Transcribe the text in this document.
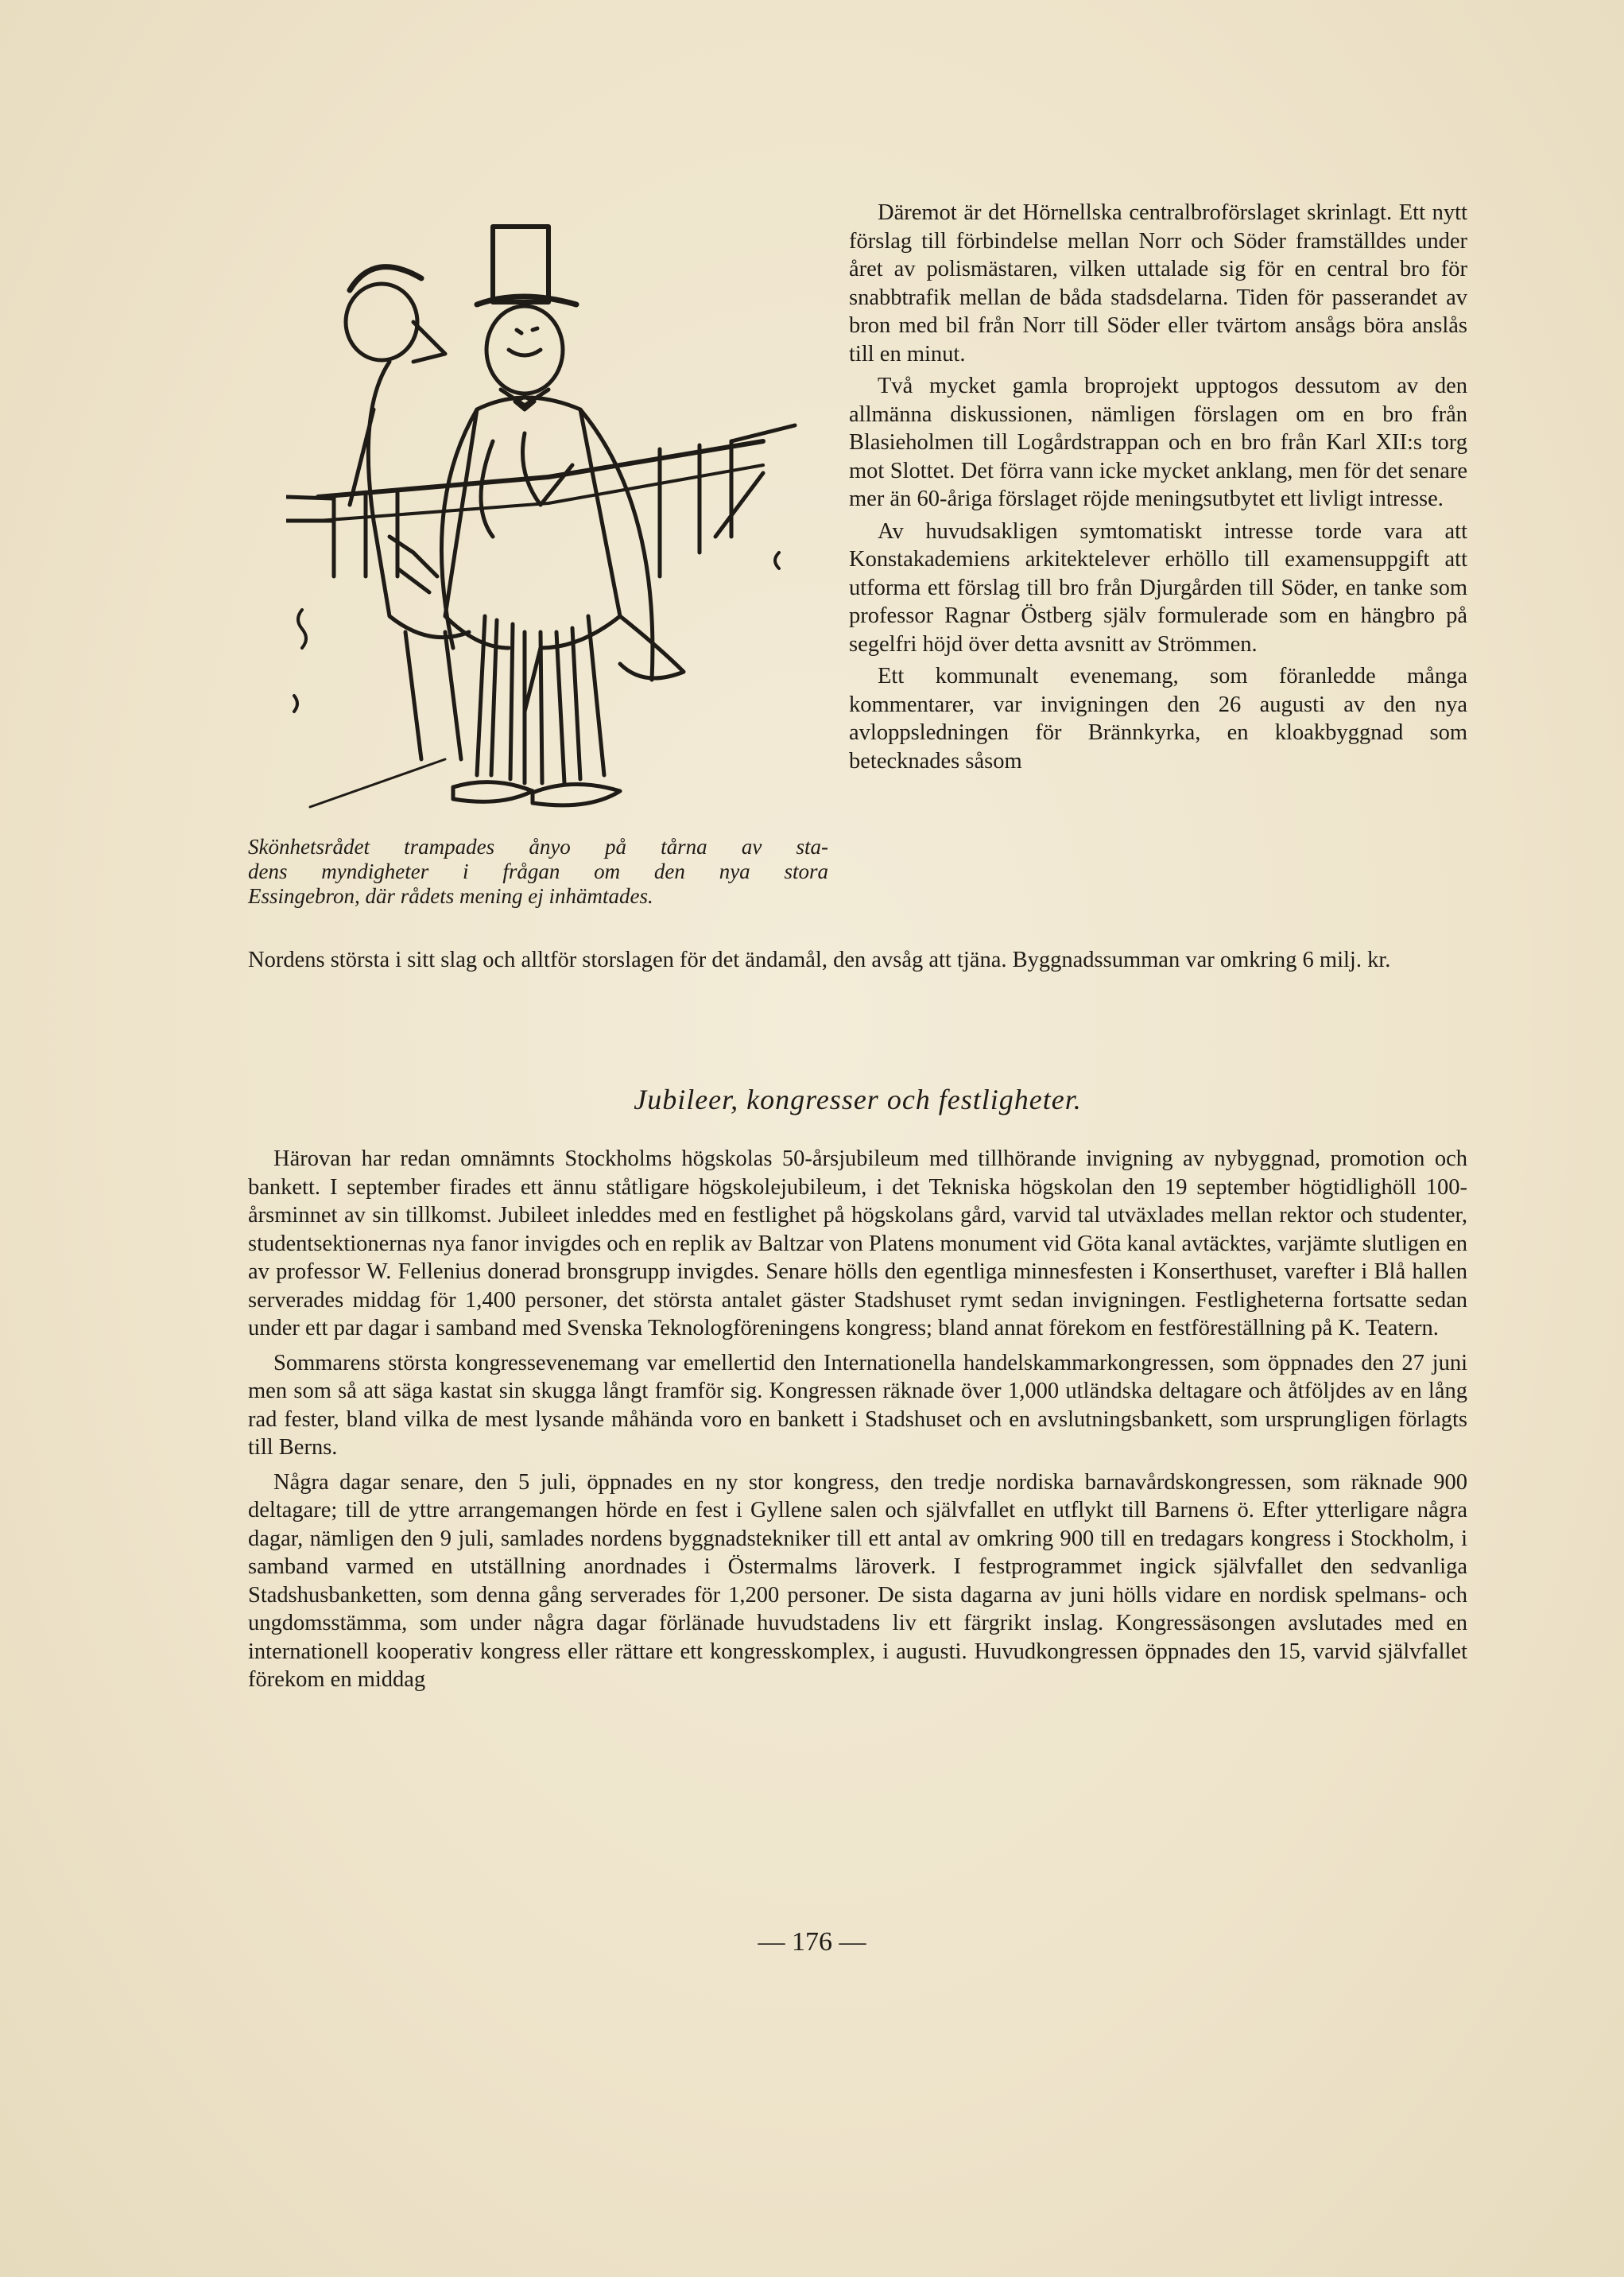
Skönhetsrådet trampades ånyo på tårna av sta-
dens myndigheter i frågan om den nya stora
Essingebron, där rådets mening ej inhämtades.

Däremot är det Hörnellska centralbroförslaget skrinlagt. Ett nytt förslag till förbindelse mellan Norr och Söder framställdes under året av polismästaren, vilken uttalade sig för en central bro för snabbtrafik mellan de båda stadsdelarna. Tiden för passerandet av bron med bil från Norr till Söder eller tvärtom ansågs böra anslås till en minut.

Två mycket gamla broprojekt upptogos dessutom av den allmänna diskussionen, nämligen förslagen om en bro från Blasieholmen till Logårdstrappan och en bro från Karl XII:s torg mot Slottet. Det förra vann icke mycket anklang, men för det senare mer än 60-åriga förslaget röjde meningsutbytet ett livligt intresse.

Av huvudsakligen symtomatiskt intresse torde vara att Konstakademiens arkitektelever erhöllo till examensuppgift att utforma ett förslag till bro från Djurgården till Söder, en tanke som professor Ragnar Östberg själv formulerade som en hängbro på segelfri höjd över detta avsnitt av Strömmen.

Ett kommunalt evenemang, som föranledde många kommentarer, var invigningen den 26 augusti av den nya avloppsledningen för Brännkyrka, en kloakbyggnad som betecknades såsom

Nordens största i sitt slag och alltför storslagen för det ändamål, den avsåg att tjäna. Byggnadssumman var omkring 6 milj. kr.

Jubileer, kongresser och festligheter.

Härovan har redan omnämnts Stockholms högskolas 50-årsjubileum med tillhörande invigning av nybyggnad, promotion och bankett. I september firades ett ännu ståtligare högskolejubileum, i det Tekniska högskolan den 19 september högtidlighöll 100-årsminnet av sin tillkomst. Jubileet inleddes med en festlighet på högskolans gård, varvid tal utväxlades mellan rektor och studenter, studentsektionernas nya fanor invigdes och en replik av Baltzar von Platens monument vid Göta kanal avtäcktes, varjämte slutligen en av professor W. Fellenius donerad bronsgrupp invigdes. Senare hölls den egentliga minnesfesten i Konserthuset, varefter i Blå hallen serverades middag för 1,400 personer, det största antalet gäster Stadshuset rymt sedan invigningen. Festligheterna fortsatte sedan under ett par dagar i samband med Svenska Teknologföreningens kongress; bland annat förekom en festföreställning på K. Teatern.

Sommarens största kongressevenemang var emellertid den Internationella handelskammarkongressen, som öppnades den 27 juni men som så att säga kastat sin skugga långt framför sig. Kongressen räknade över 1,000 utländska deltagare och åtföljdes av en lång rad fester, bland vilka de mest lysande måhända voro en bankett i Stadshuset och en avslutningsbankett, som ursprungligen förlagts till Berns.

Några dagar senare, den 5 juli, öppnades en ny stor kongress, den tredje nordiska barnavårdskongressen, som räknade 900 deltagare; till de yttre arrangemangen hörde en fest i Gyllene salen och självfallet en utflykt till Barnens ö. Efter ytterligare några dagar, nämligen den 9 juli, samlades nordens byggnadstekniker till ett antal av omkring 900 till en tredagars kongress i Stockholm, i samband varmed en utställning anordnades i Östermalms läroverk. I festprogrammet ingick självfallet den sedvanliga Stadshusbanketten, som denna gång serverades för 1,200 personer. De sista dagarna av juni hölls vidare en nordisk spelmans- och ungdomsstämma, som under några dagar förlänade huvudstadens liv ett färgrikt inslag. Kongressäsongen avslutades med en internationell kooperativ kongress eller rättare ett kongresskomplex, i augusti. Huvudkongressen öppnades den 15, varvid självfallet förekom en middag

— 176 —
